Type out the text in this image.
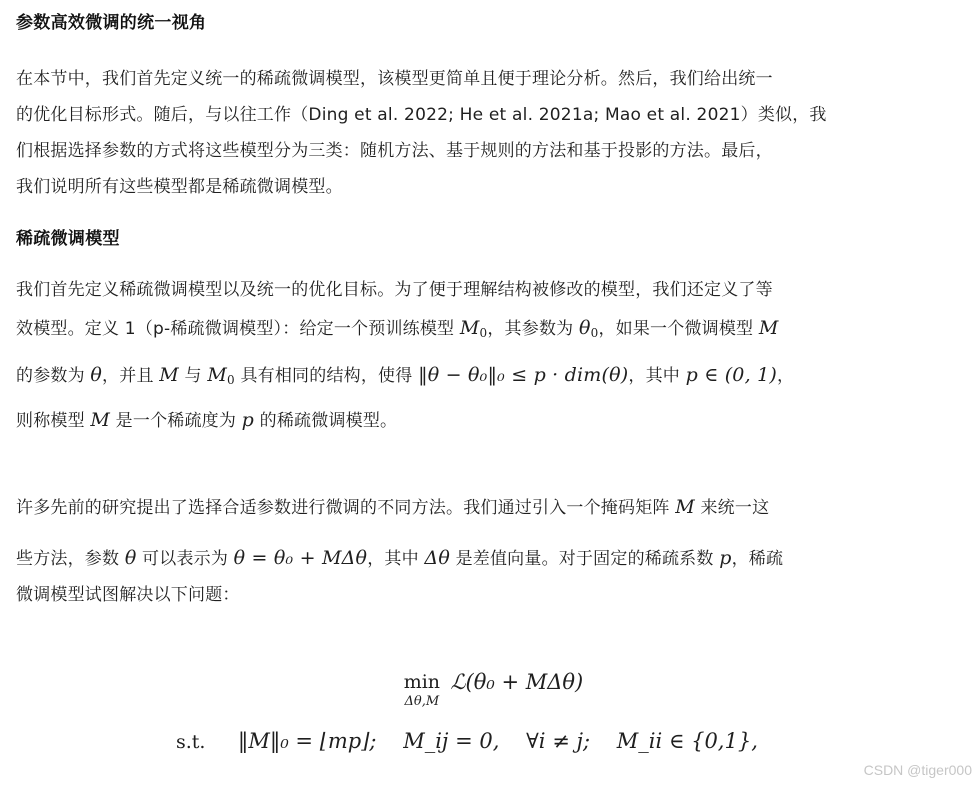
参数高效微调的统一视角

在本节中，我们首先定义统一的稀疏微调模型，该模型更简单且便于理论分析。然后，我们给出统一

的优化目标形式。随后，与以往工作（Ding et al. 2022; He et al. 2021a; Mao et al. 2021）类似，我

们根据选择参数的方式将这些模型分为三类：随机方法、基于规则的方法和基于投影的方法。最后，

我们说明所有这些模型都是稀疏微调模型。

稀疏微调模型

我们首先定义稀疏微调模型以及统一的优化目标。为了便于理解结构被修改的模型，我们还定义了等

效模型。定义 1（p-稀疏微调模型）：给定一个预训练模型 $M_0$，其参数为 $\theta_0$，如果一个微调模型 M

的参数为 θ，并且 M 与 $M_0$ 具有相同的结构，使得 ‖θ − θ₀‖₀ ≤ p · dim(θ)，其中 p ∈ (0, 1)，

则称模型 M 是一个稀疏度为 p 的稀疏微调模型。

许多先前的研究提出了选择合适参数进行微调的不同方法。我们通过引入一个掩码矩阵 M 来统一这

些方法，参数 θ 可以表示为 θ = θ₀ + MΔθ，其中 Δθ 是差值向量。对于固定的稀疏系数 p，稀疏

微调模型试图解决以下问题：

min
Δθ,M
ℒ(θ₀ + MΔθ)
s.t. ‖M‖₀ = ⌊mp⌋;    M_ij = 0,    ∀i ≠ j;    M_ii ∈ {0,1},
CSDN @tiger000
